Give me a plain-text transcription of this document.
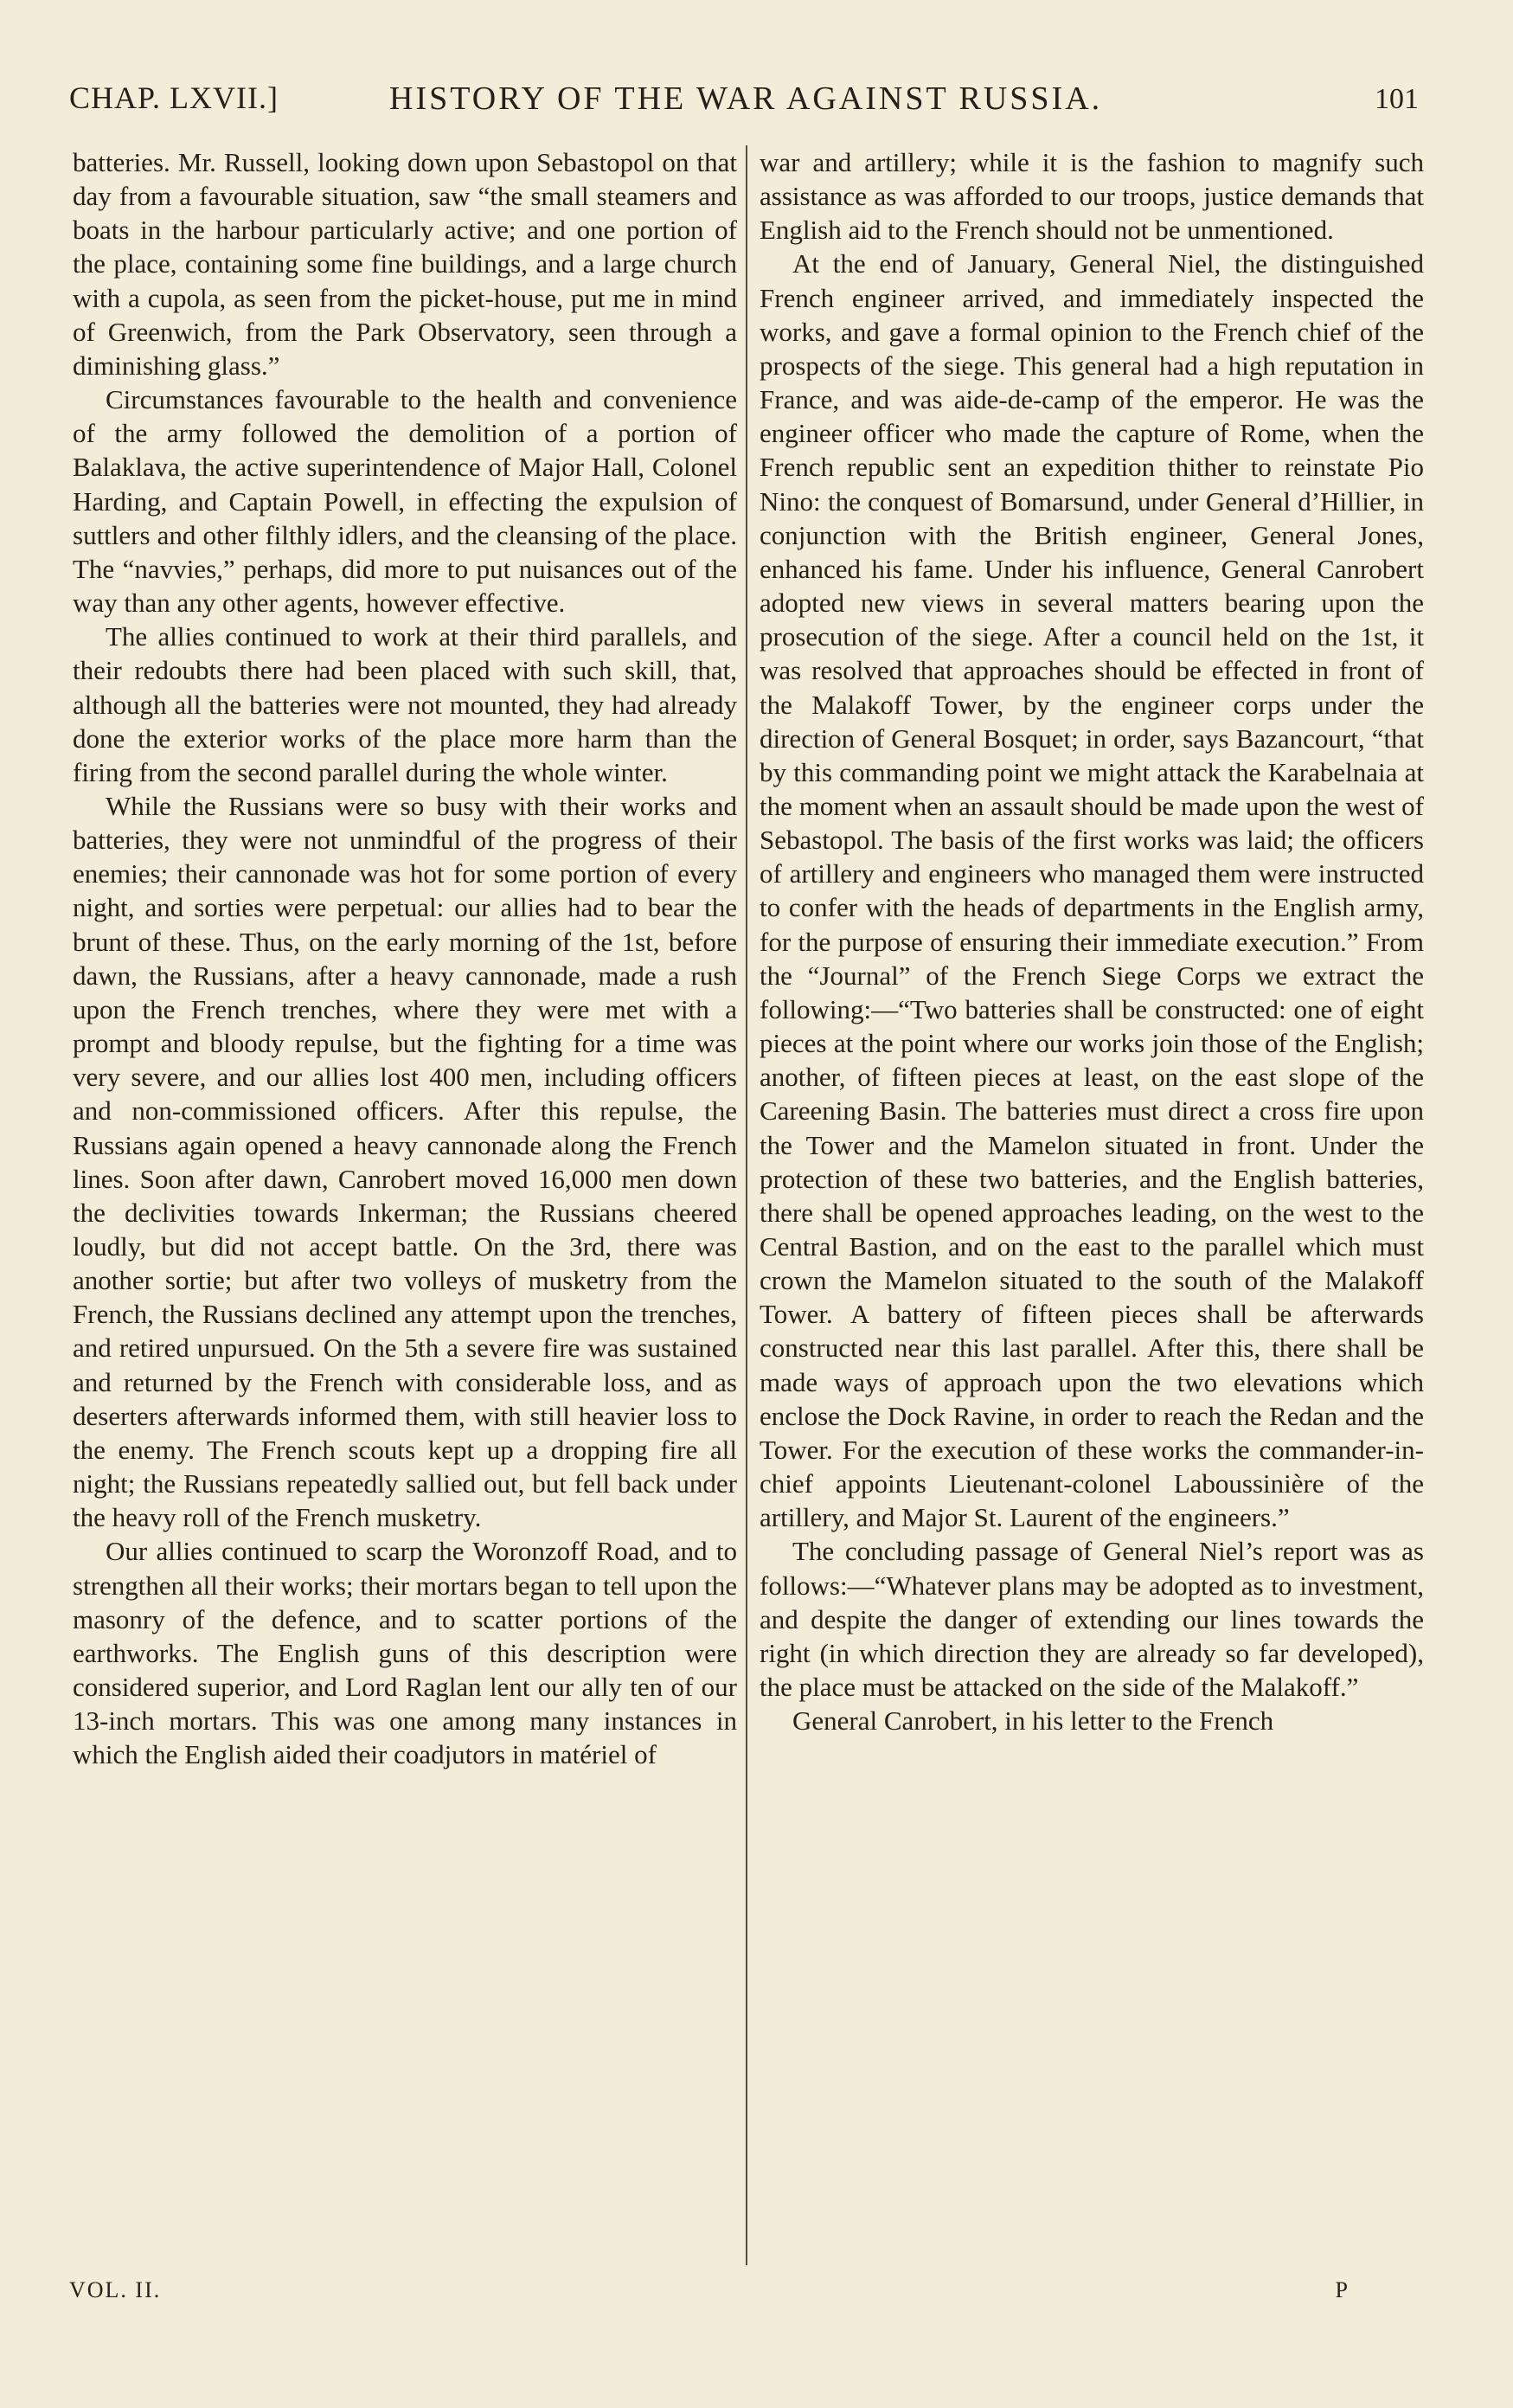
CHAP. LXVII.]	HISTORY OF THE WAR AGAINST RUSSIA.	101

batteries. Mr. Russell, looking down upon Sebastopol on that day from a favourable situation, saw “the small steamers and boats in the harbour particularly active; and one portion of the place, containing some fine buildings, and a large church with a cupola, as seen from the picket-house, put me in mind of Greenwich, from the Park Observatory, seen through a diminishing glass.”

Circumstances favourable to the health and convenience of the army followed the demolition of a portion of Balaklava, the active superintendence of Major Hall, Colonel Harding, and Captain Powell, in effecting the expulsion of suttlers and other filthly idlers, and the cleansing of the place. The “navvies,” perhaps, did more to put nuisances out of the way than any other agents, however effective.

The allies continued to work at their third parallels, and their redoubts there had been placed with such skill, that, although all the batteries were not mounted, they had already done the exterior works of the place more harm than the firing from the second parallel during the whole winter.

While the Russians were so busy with their works and batteries, they were not unmindful of the progress of their enemies; their cannonade was hot for some portion of every night, and sorties were perpetual: our allies had to bear the brunt of these. Thus, on the early morning of the 1st, before dawn, the Russians, after a heavy cannonade, made a rush upon the French trenches, where they were met with a prompt and bloody repulse, but the fighting for a time was very severe, and our allies lost 400 men, including officers and non-commissioned officers. After this repulse, the Russians again opened a heavy cannonade along the French lines. Soon after dawn, Canrobert moved 16,000 men down the declivities towards Inkerman; the Russians cheered loudly, but did not accept battle. On the 3rd, there was another sortie; but after two volleys of musketry from the French, the Russians declined any attempt upon the trenches, and retired unpursued. On the 5th a severe fire was sustained and returned by the French with considerable loss, and as deserters afterwards informed them, with still heavier loss to the enemy. The French scouts kept up a dropping fire all night; the Russians repeatedly sallied out, but fell back under the heavy roll of the French musketry.

Our allies continued to scarp the Woronzoff Road, and to strengthen all their works; their mortars began to tell upon the masonry of the defence, and to scatter portions of the earthworks. The English guns of this description were considered superior, and Lord Raglan lent our ally ten of our 13-inch mortars. This was one among many instances in which the English aided their coadjutors in matériel of

war and artillery; while it is the fashion to magnify such assistance as was afforded to our troops, justice demands that English aid to the French should not be unmentioned.

At the end of January, General Niel, the distinguished French engineer arrived, and immediately inspected the works, and gave a formal opinion to the French chief of the prospects of the siege. This general had a high reputation in France, and was aide-de-camp of the emperor. He was the engineer officer who made the capture of Rome, when the French republic sent an expedition thither to reinstate Pio Nino: the conquest of Bomarsund, under General d’Hillier, in conjunction with the British engineer, General Jones, enhanced his fame. Under his influence, General Canrobert adopted new views in several matters bearing upon the prosecution of the siege. After a council held on the 1st, it was resolved that approaches should be effected in front of the Malakoff Tower, by the engineer corps under the direction of General Bosquet; in order, says Bazancourt, “that by this commanding point we might attack the Karabelnaia at the moment when an assault should be made upon the west of Sebastopol. The basis of the first works was laid; the officers of artillery and engineers who managed them were instructed to confer with the heads of departments in the English army, for the purpose of ensuring their immediate execution.” From the “Journal” of the French Siege Corps we extract the following:—“Two batteries shall be constructed: one of eight pieces at the point where our works join those of the English; another, of fifteen pieces at least, on the east slope of the Careening Basin. The batteries must direct a cross fire upon the Tower and the Mamelon situated in front. Under the protection of these two batteries, and the English batteries, there shall be opened approaches leading, on the west to the Central Bastion, and on the east to the parallel which must crown the Mamelon situated to the south of the Malakoff Tower. A battery of fifteen pieces shall be afterwards constructed near this last parallel. After this, there shall be made ways of approach upon the two elevations which enclose the Dock Ravine, in order to reach the Redan and the Tower. For the execution of these works the commander-in-chief appoints Lieutenant-colonel Laboussinière of the artillery, and Major St. Laurent of the engineers.”

The concluding passage of General Niel’s report was as follows:—“Whatever plans may be adopted as to investment, and despite the danger of extending our lines towards the right (in which direction they are already so far developed), the place must be attacked on the side of the Malakoff.”

General Canrobert, in his letter to the French

VOL. II.	P
